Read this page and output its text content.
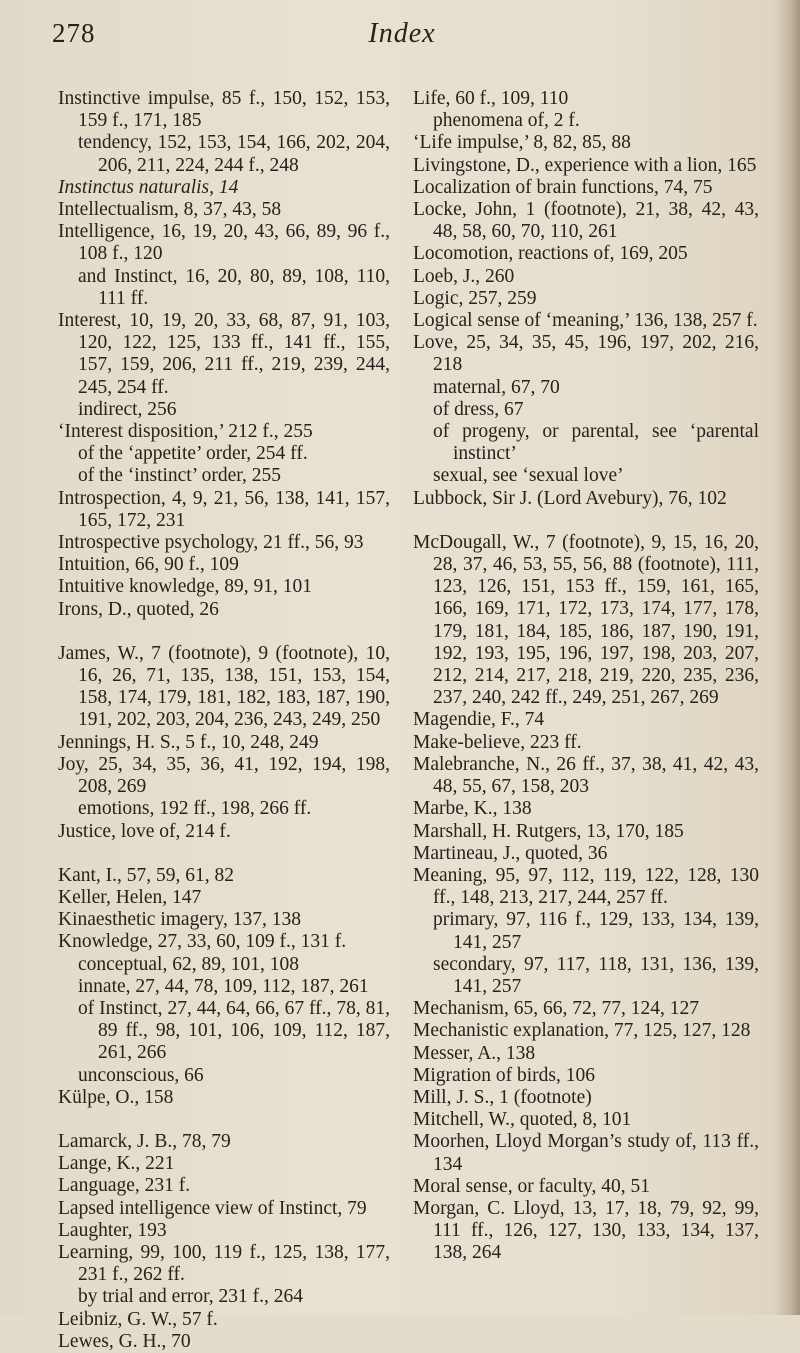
Index
278
Instinctive impulse, 85 f., 150, 152, 153, 159 f., 171, 185
tendency, 152, 153, 154, 166, 202, 204, 206, 211, 224, 244 f., 248
Instinctus naturalis, 14
Intellectualism, 8, 37, 43, 58
Intelligence, 16, 19, 20, 43, 66, 89, 96 f., 108 f., 120
and Instinct, 16, 20, 80, 89, 108, 110, 111 ff.
Interest, 10, 19, 20, 33, 68, 87, 91, 103, 120, 122, 125, 133 ff., 141 ff., 155, 157, 159, 206, 211 ff., 219, 239, 244, 245, 254 ff.
indirect, 256
‘Interest disposition,’ 212 f., 255
of the ‘appetite’ order, 254 ff.
of the ‘instinct’ order, 255
Introspection, 4, 9, 21, 56, 138, 141, 157, 165, 172, 231
Introspective psychology, 21 ff., 56, 93
Intuition, 66, 90 f., 109
Intuitive knowledge, 89, 91, 101
Irons, D., quoted, 26
James, W., 7 (footnote), 9 (footnote), 10, 16, 26, 71, 135, 138, 151, 153, 154, 158, 174, 179, 181, 182, 183, 187, 190, 191, 202, 203, 204, 236, 243, 249, 250
Jennings, H. S., 5 f., 10, 248, 249
Joy, 25, 34, 35, 36, 41, 192, 194, 198, 208, 269
emotions, 192 ff., 198, 266 ff.
Justice, love of, 214 f.
Kant, I., 57, 59, 61, 82
Keller, Helen, 147
Kinaesthetic imagery, 137, 138
Knowledge, 27, 33, 60, 109 f., 131 f.
conceptual, 62, 89, 101, 108
innate, 27, 44, 78, 109, 112, 187, 261
of Instinct, 27, 44, 64, 66, 67 ff., 78, 81, 89 ff., 98, 101, 106, 109, 112, 187, 261, 266
unconscious, 66
Külpe, O., 158
Lamarck, J. B., 78, 79
Lange, K., 221
Language, 231 f.
Lapsed intelligence view of Instinct, 79
Laughter, 193
Learning, 99, 100, 119 f., 125, 138, 177, 231 f., 262 ff.
by trial and error, 231 f., 264
Leibniz, G. W., 57 f.
Lewes, G. H., 70
Life, 60 f., 109, 110
phenomena of, 2 f.
‘Life impulse,’ 8, 82, 85, 88
Livingstone, D., experience with a lion, 165
Localization of brain functions, 74, 75
Locke, John, 1 (footnote), 21, 38, 42, 43, 48, 58, 60, 70, 110, 261
Locomotion, reactions of, 169, 205
Loeb, J., 260
Logic, 257, 259
Logical sense of ‘meaning,’ 136, 138, 257 f.
Love, 25, 34, 35, 45, 196, 197, 202, 216, 218
maternal, 67, 70
of dress, 67
of progeny, or parental, see ‘parental instinct’
sexual, see ‘sexual love’
Lubbock, Sir J. (Lord Avebury), 76, 102
McDougall, W., 7 (footnote), 9, 15, 16, 20, 28, 37, 46, 53, 55, 56, 88 (footnote), 111, 123, 126, 151, 153 ff., 159, 161, 165, 166, 169, 171, 172, 173, 174, 177, 178, 179, 181, 184, 185, 186, 187, 190, 191, 192, 193, 195, 196, 197, 198, 203, 207, 212, 214, 217, 218, 219, 220, 235, 236, 237, 240, 242 ff., 249, 251, 267, 269
Magendie, F., 74
Make-believe, 223 ff.
Malebranche, N., 26 ff., 37, 38, 41, 42, 43, 48, 55, 67, 158, 203
Marbe, K., 138
Marshall, H. Rutgers, 13, 170, 185
Martineau, J., quoted, 36
Meaning, 95, 97, 112, 119, 122, 128, 130 ff., 148, 213, 217, 244, 257 ff.
primary, 97, 116 f., 129, 133, 134, 139, 141, 257
secondary, 97, 117, 118, 131, 136, 139, 141, 257
Mechanism, 65, 66, 72, 77, 124, 127
Mechanistic explanation, 77, 125, 127, 128
Messer, A., 138
Migration of birds, 106
Mill, J. S., 1 (footnote)
Mitchell, W., quoted, 8, 101
Moorhen, Lloyd Morgan’s study of, 113 ff., 134
Moral sense, or faculty, 40, 51
Morgan, C. Lloyd, 13, 17, 18, 79, 92, 99, 111 ff., 126, 127, 130, 133, 134, 137, 138, 264
